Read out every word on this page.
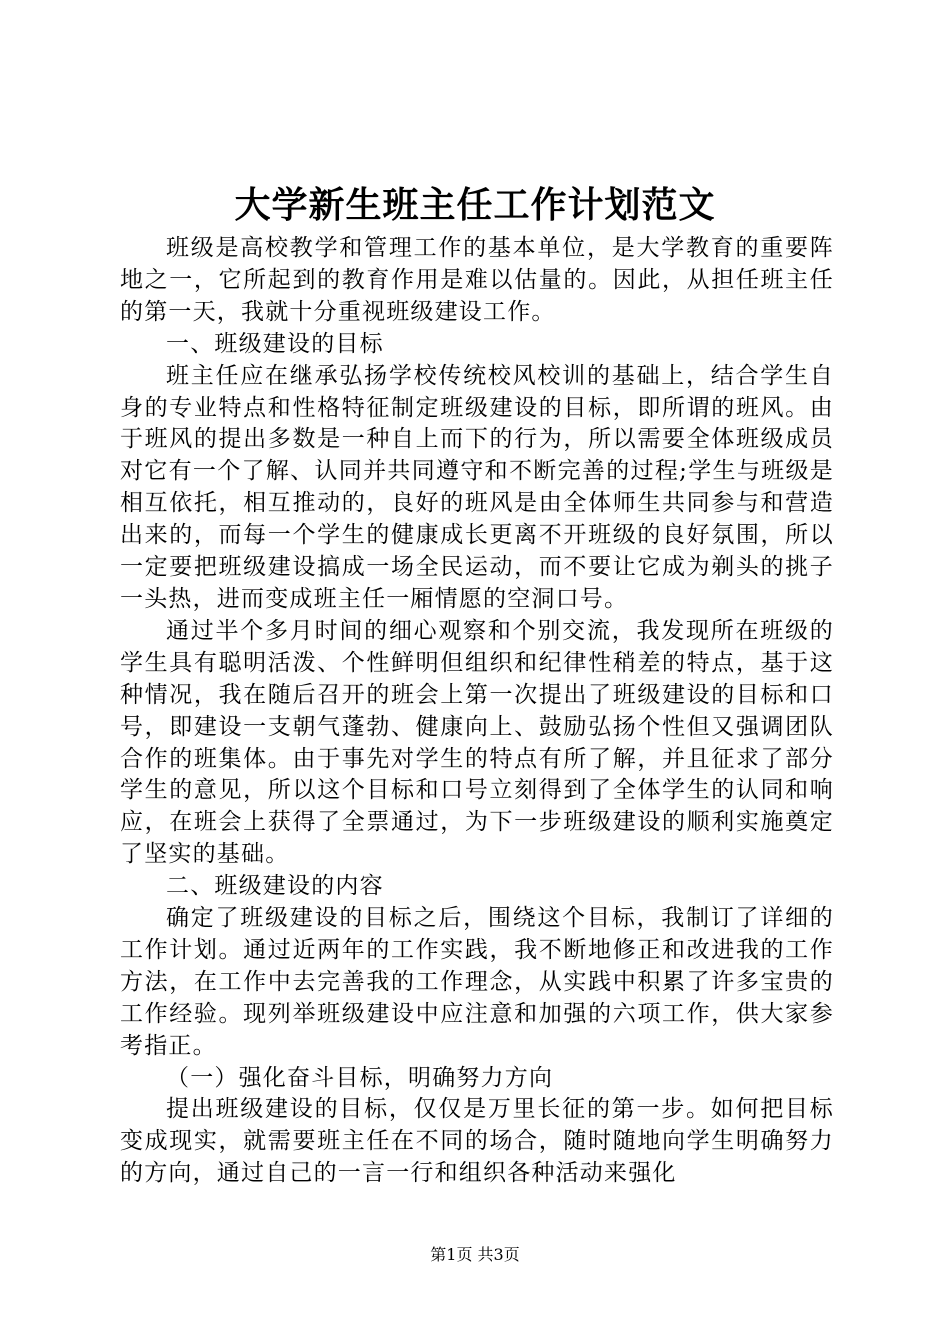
大学新生班主任工作计划范文

班级是高校教学和管理工作的基本单位，是大学教育的重要阵地之一，它所起到的教育作用是难以估量的。因此，从担任班主任的第一天，我就十分重视班级建设工作。

一、班级建设的目标

班主任应在继承弘扬学校传统校风校训的基础上，结合学生自身的专业特点和性格特征制定班级建设的目标，即所谓的班风。由于班风的提出多数是一种自上而下的行为，所以需要全体班级成员对它有一个了解、认同并共同遵守和不断完善的过程;学生与班级是相互依托，相互推动的，良好的班风是由全体师生共同参与和营造出来的，而每一个学生的健康成长更离不开班级的良好氛围，所以一定要把班级建设搞成一场全民运动，而不要让它成为剃头的挑子一头热，进而变成班主任一厢情愿的空洞口号。

通过半个多月时间的细心观察和个别交流，我发现所在班级的学生具有聪明活泼、个性鲜明但组织和纪律性稍差的特点，基于这种情况，我在随后召开的班会上第一次提出了班级建设的目标和口号，即建设一支朝气蓬勃、健康向上、鼓励弘扬个性但又强调团队合作的班集体。由于事先对学生的特点有所了解，并且征求了部分学生的意见，所以这个目标和口号立刻得到了全体学生的认同和响应，在班会上获得了全票通过，为下一步班级建设的顺利实施奠定了坚实的基础。

二、班级建设的内容

确定了班级建设的目标之后，围绕这个目标，我制订了详细的工作计划。通过近两年的工作实践，我不断地修正和改进我的工作方法，在工作中去完善我的工作理念，从实践中积累了许多宝贵的工作经验。现列举班级建设中应注意和加强的六项工作，供大家参考指正。

（一）强化奋斗目标，明确努力方向

提出班级建设的目标，仅仅是万里长征的第一步。如何把目标变成现实，就需要班主任在不同的场合，随时随地向学生明确努力的方向，通过自己的一言一行和组织各种活动来强化

第1页 共3页
